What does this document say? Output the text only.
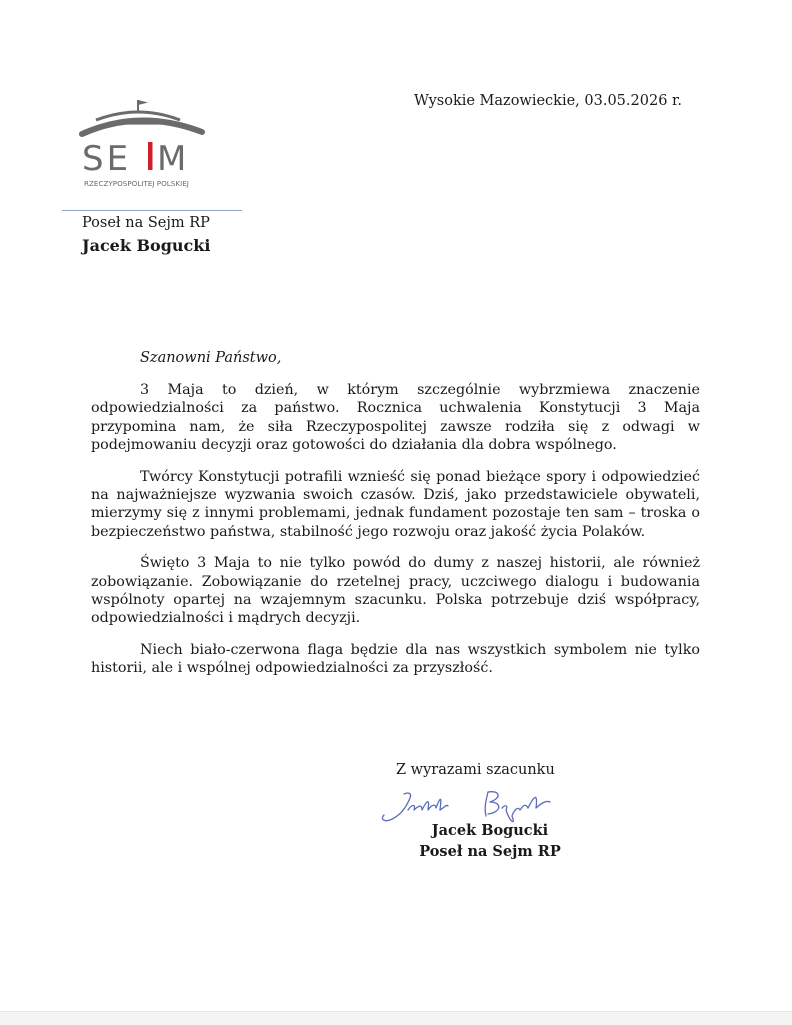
Wysokie Mazowieckie, 03.05.2026 r.
SE M
RZECZYPOSPOLITEJ POLSKIEJ
Poseł na Sejm RP
Jacek Bogucki
Szanowni Państwo,

3 Maja to dzień, w którym szczególnie wybrzmiewa znaczenie odpowiedzialności za państwo. Rocznica uchwalenia Konstytucji 3 Maja przypomina nam, że siła Rzeczypospolitej zawsze rodziła się z odwagi w podejmowaniu decyzji oraz gotowości do działania dla dobra wspólnego.

Twórcy Konstytucji potrafili wznieść się ponad bieżące spory i odpowiedzieć na najważniejsze wyzwania swoich czasów. Dziś, jako przedstawiciele obywateli, mierzymy się z innymi problemami, jednak fundament pozostaje ten sam – troska o bezpieczeństwo państwa, stabilność jego rozwoju oraz jakość życia Polaków.

Święto 3 Maja to nie tylko powód do dumy z naszej historii, ale również zobowiązanie. Zobowiązanie do rzetelnej pracy, uczciwego dialogu i budowania wspólnoty opartej na wzajemnym szacunku. Polska potrzebuje dziś współpracy, odpowiedzialności i mądrych decyzji.

Niech biało-czerwona flaga będzie dla nas wszystkich symbolem nie tylko historii, ale i wspólnej odpowiedzialności za przyszłość.

Z wyrazami szacunku
Jacek Bogucki
Poseł na Sejm RP
